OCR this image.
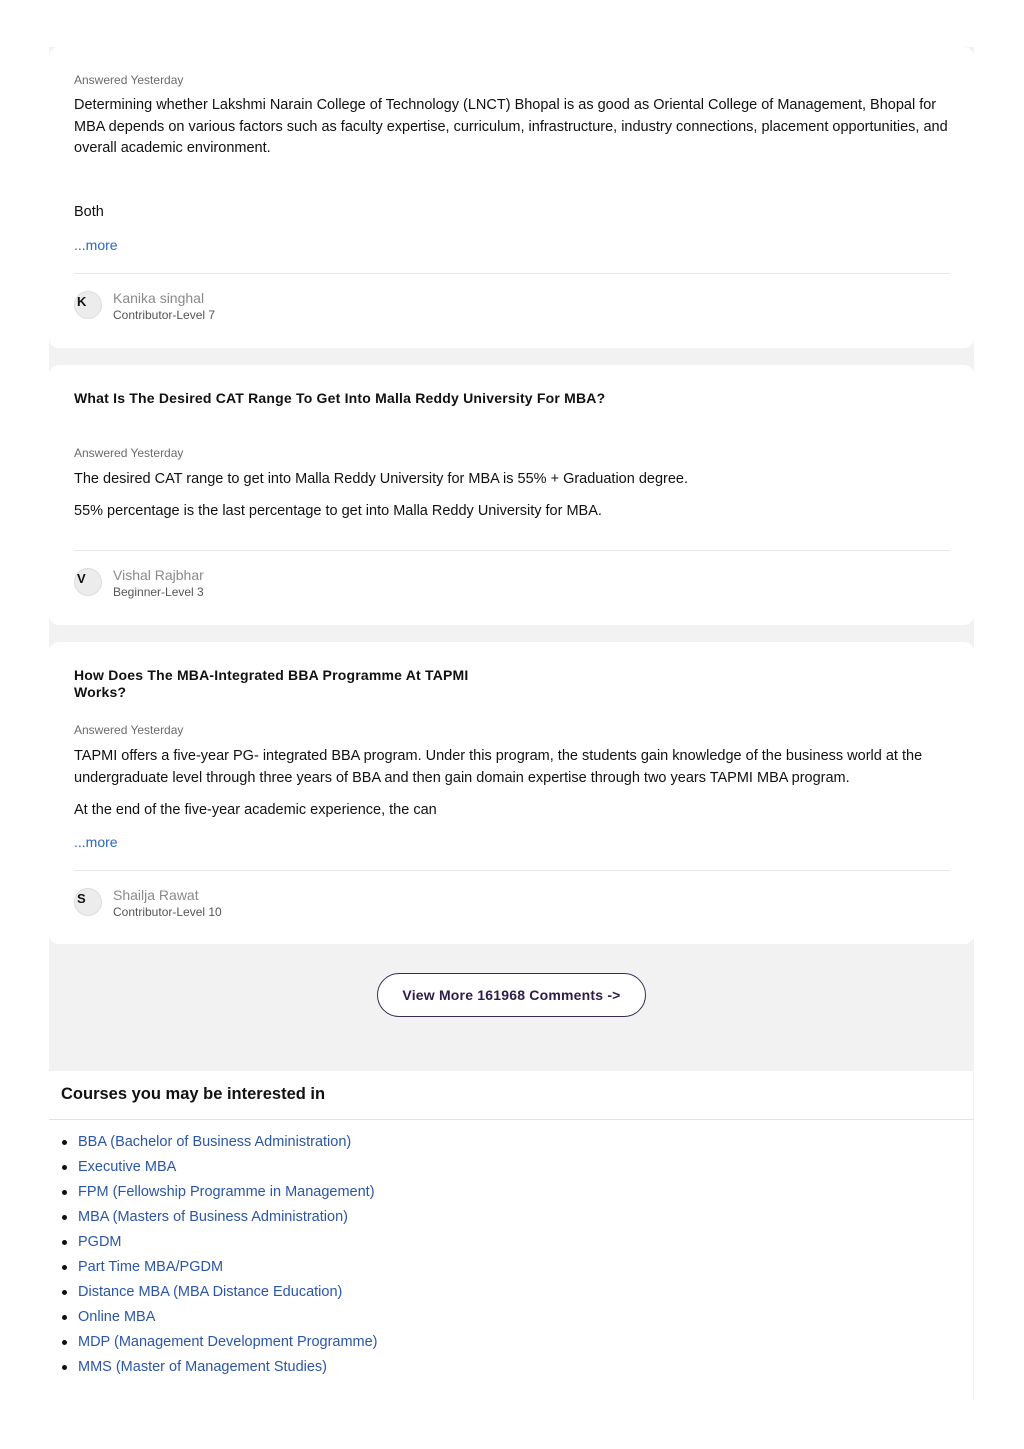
Answered Yesterday

Determining whether Lakshmi Narain College of Technology (LNCT) Bhopal is as good as Oriental College of Management, Bhopal for MBA depends on various factors such as faculty expertise, curriculum, infrastructure, industry connections, placement opportunities, and overall academic environment.

Both

...more
K Kanika singhal
Contributor-Level 7
What Is The Desired CAT Range To Get Into Malla Reddy University For MBA?
Answered Yesterday

The desired CAT range to get into Malla Reddy University for MBA is 55% + Graduation degree.

55% percentage is the last percentage to get into Malla Reddy University for MBA.

V Vishal Rajbhar
Beginner-Level 3
How Does The MBA-Integrated BBA Programme At TAPMI Works?
Answered Yesterday

TAPMI offers a five-year PG- integrated BBA program. Under this program, the students gain knowledge of the business world at the undergraduate level through three years of BBA and then gain domain expertise through two years TAPMI MBA program.

At the end of the five-year academic experience, the can

...more
S Shailja Rawat
Contributor-Level 10
View More 161968 Comments ->
Courses you may be interested in
BBA (Bachelor of Business Administration)
Executive MBA
FPM (Fellowship Programme in Management)
MBA (Masters of Business Administration)
PGDM
Part Time MBA/PGDM
Distance MBA (MBA Distance Education)
Online MBA
MDP (Management Development Programme)
MMS (Master of Management Studies)
